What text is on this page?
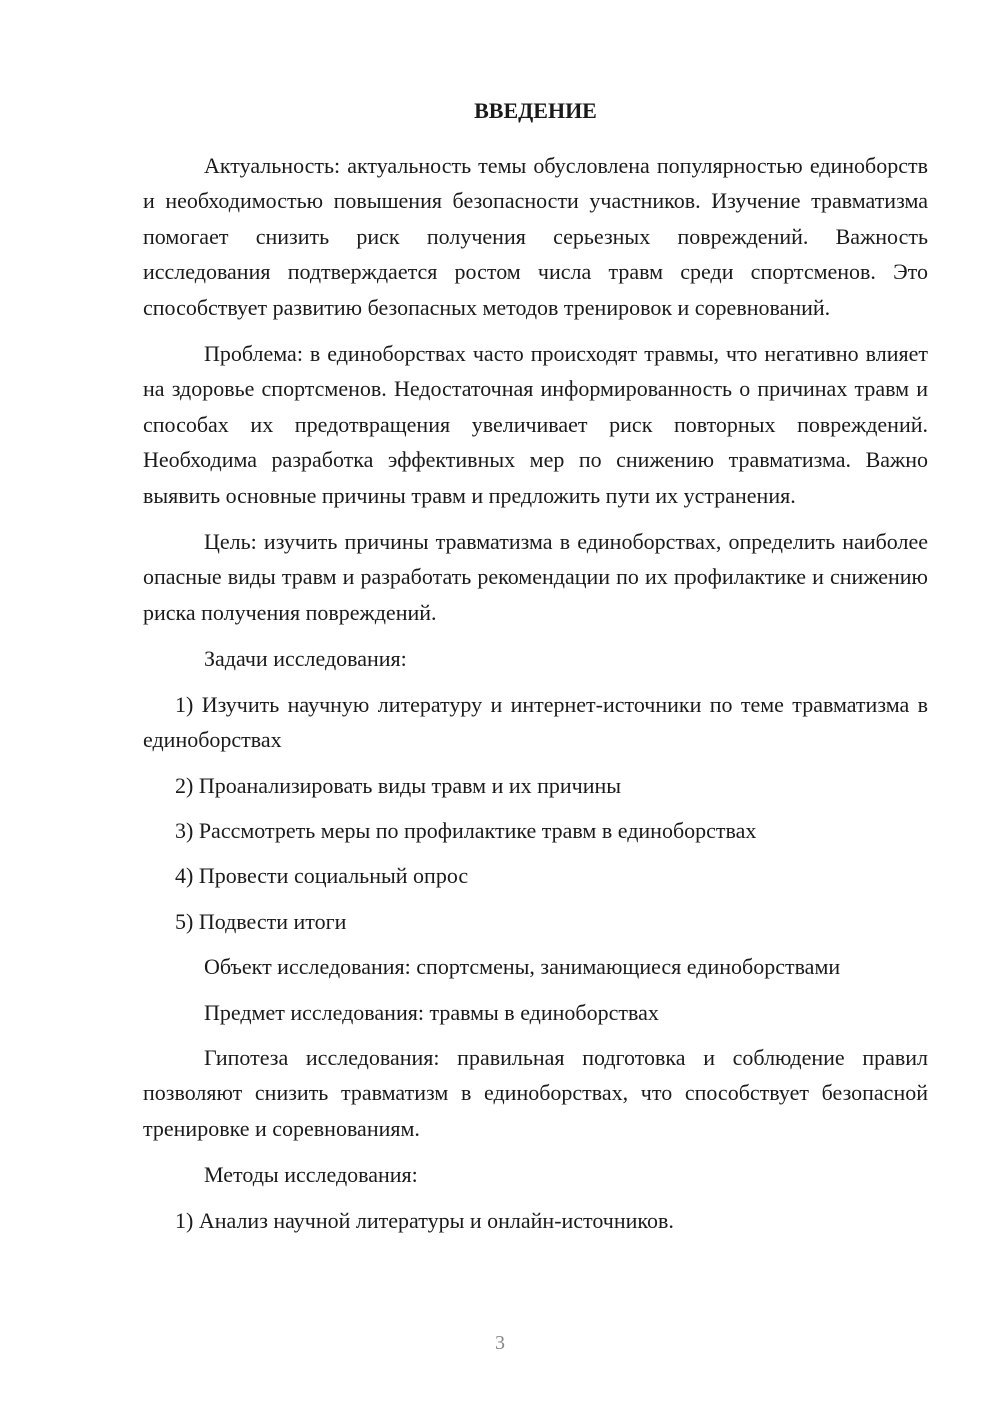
ВВЕДЕНИЕ

Актуальность: актуальность темы обусловлена популярностью единоборств и необходимостью повышения безопасности участников. Изучение травматизма помогает снизить риск получения серьезных повреждений. Важность исследования подтверждается ростом числа травм среди спортсменов. Это способствует развитию безопасных методов тренировок и соревнований.

Проблема: в единоборствах часто происходят травмы, что негативно влияет на здоровье спортсменов. Недостаточная информированность о причинах травм и способах их предотвращения увеличивает риск повторных повреждений. Необходима разработка эффективных мер по снижению травматизма. Важно выявить основные причины травм и предложить пути их устранения.

Цель: изучить причины травматизма в единоборствах, определить наиболее опасные виды травм и разработать рекомендации по их профилактике и снижению риска получения повреждений.

Задачи исследования:

1) Изучить научную литературу и интернет-источники по теме травматизма в единоборствах

2) Проанализировать виды травм и их причины

3) Рассмотреть меры по профилактике травм в единоборствах

4) Провести социальный опрос

5) Подвести итоги

Объект исследования: спортсмены, занимающиеся единоборствами

Предмет исследования: травмы в единоборствах

Гипотеза исследования: правильная подготовка и соблюдение правил позволяют снизить травматизм в единоборствах, что способствует безопасной тренировке и соревнованиям.

Методы исследования:

1) Анализ научной литературы и онлайн-источников.

3
